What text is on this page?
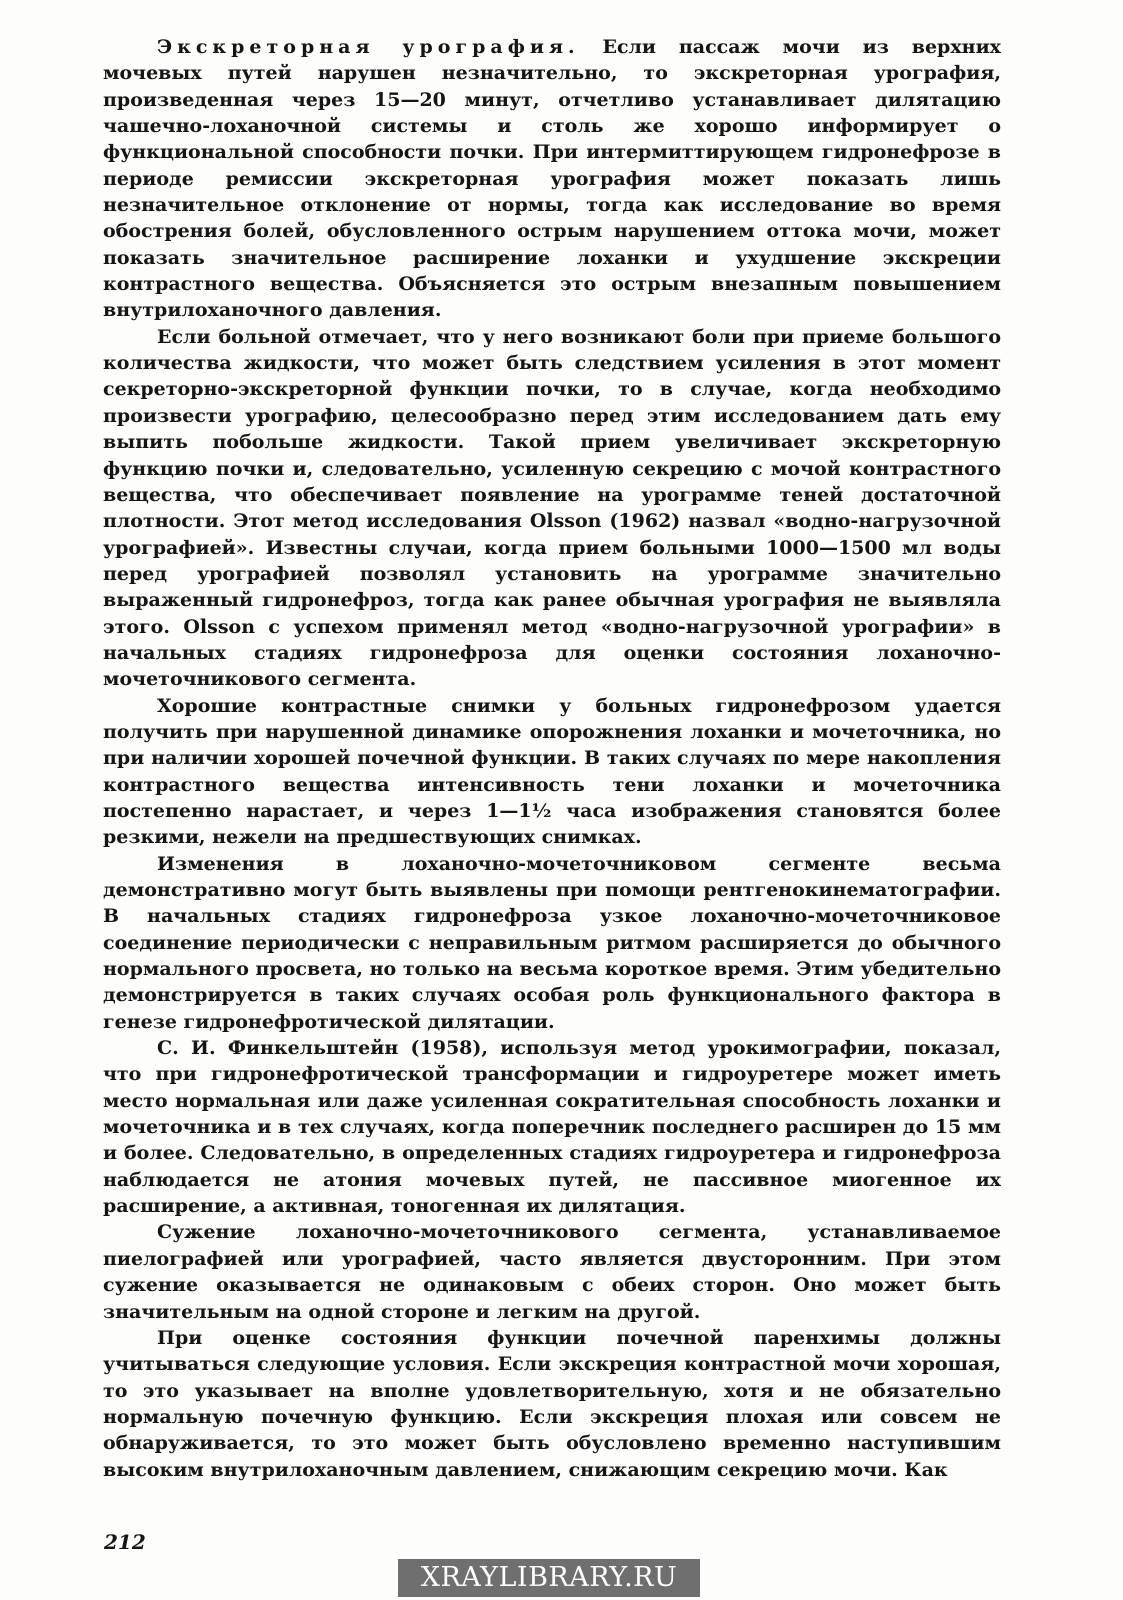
Экскреторная урография. Если пассаж мочи из верхних мочевых путей нарушен незначительно, то экскреторная урография, произведенная через 15—20 минут, отчетливо устанавливает дилятацию чашечно-лоханочной системы и столь же хорошо информирует о функциональной способности почки. При интермиттирующем гидронефрозе в периоде ремиссии экскреторная урография может показать лишь незначительное отклонение от нормы, тогда как исследование во время обострения болей, обусловленного острым нарушением оттока мочи, может показать значительное расширение лоханки и ухудшение экскреции контрастного вещества. Объясняется это острым внезапным повышением внутрилоханочного давления.

Если больной отмечает, что у него возникают боли при приеме большого количества жидкости, что может быть следствием усиления в этот момент секреторно-экскреторной функции почки, то в случае, когда необходимо произвести урографию, целесообразно перед этим исследованием дать ему выпить побольше жидкости. Такой прием увеличивает экскреторную функцию почки и, следовательно, усиленную секрецию с мочой контрастного вещества, что обеспечивает появление на урограмме теней достаточной плотности. Этот метод исследования Olsson (1962) назвал «водно-нагрузочной урографией». Известны случаи, когда прием больными 1000—1500 мл воды перед урографией позволял установить на урограмме значительно выраженный гидронефроз, тогда как ранее обычная урография не выявляла этого. Olsson с успехом применял метод «водно-нагрузочной урографии» в начальных стадиях гидронефроза для оценки состояния лоханочно-мочеточникового сегмента.

Хорошие контрастные снимки у больных гидронефрозом удается получить при нарушенной динамике опорожнения лоханки и мочеточника, но при наличии хорошей почечной функции. В таких случаях по мере накопления контрастного вещества интенсивность тени лоханки и мочеточника постепенно нарастает, и через 1—1½ часа изображения становятся более резкими, нежели на предшествующих снимках.

Изменения в лоханочно-мочеточниковом сегменте весьма демонстративно могут быть выявлены при помощи рентгенокинематографии. В начальных стадиях гидронефроза узкое лоханочно-мочеточниковое соединение периодически с неправильным ритмом расширяется до обычного нормального просвета, но только на весьма короткое время. Этим убедительно демонстрируется в таких случаях особая роль функционального фактора в генезе гидронефротической дилятации.

С. И. Финкельштейн (1958), используя метод урокимографии, показал, что при гидронефротической трансформации и гидроуретере может иметь место нормальная или даже усиленная сократительная способность лоханки и мочеточника и в тех случаях, когда поперечник последнего расширен до 15 мм и более. Следовательно, в определенных стадиях гидроуретера и гидронефроза наблюдается не атония мочевых путей, не пассивное миогенное их расширение, а активная, тоногенная их дилятация.

Сужение лоханочно-мочеточникового сегмента, устанавливаемое пиелографией или урографией, часто является двусторонним. При этом сужение оказывается не одинаковым с обеих сторон. Оно может быть значительным на одной стороне и легким на другой.

При оценке состояния функции почечной паренхимы должны учитываться следующие условия. Если экскреция контрастной мочи хорошая, то это указывает на вполне удовлетворительную, хотя и не обязательно нормальную почечную функцию. Если экскреция плохая или совсем не обнаруживается, то это может быть обусловлено временно наступившим высоким внутрилоханочным давлением, снижающим секрецию мочи. Как

212
XRAYLIBRARY.RU
